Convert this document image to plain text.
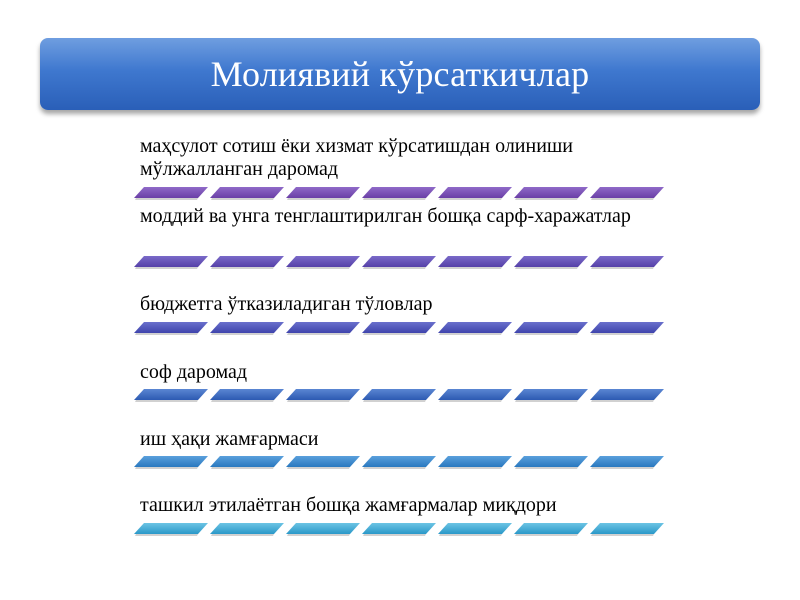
Молиявий кўрсаткичлар
маҳсулот сотиш ёки хизмат кўрсатишдан олиниши мўлжалланган даромад
моддий ва унга тенглаштирилган бошқа сарф-харажатлар
бюджетга ўтказиладиган тўловлар
соф даромад
иш ҳақи жамғармаси
ташкил этилаётган бошқа жамғармалар миқдори
